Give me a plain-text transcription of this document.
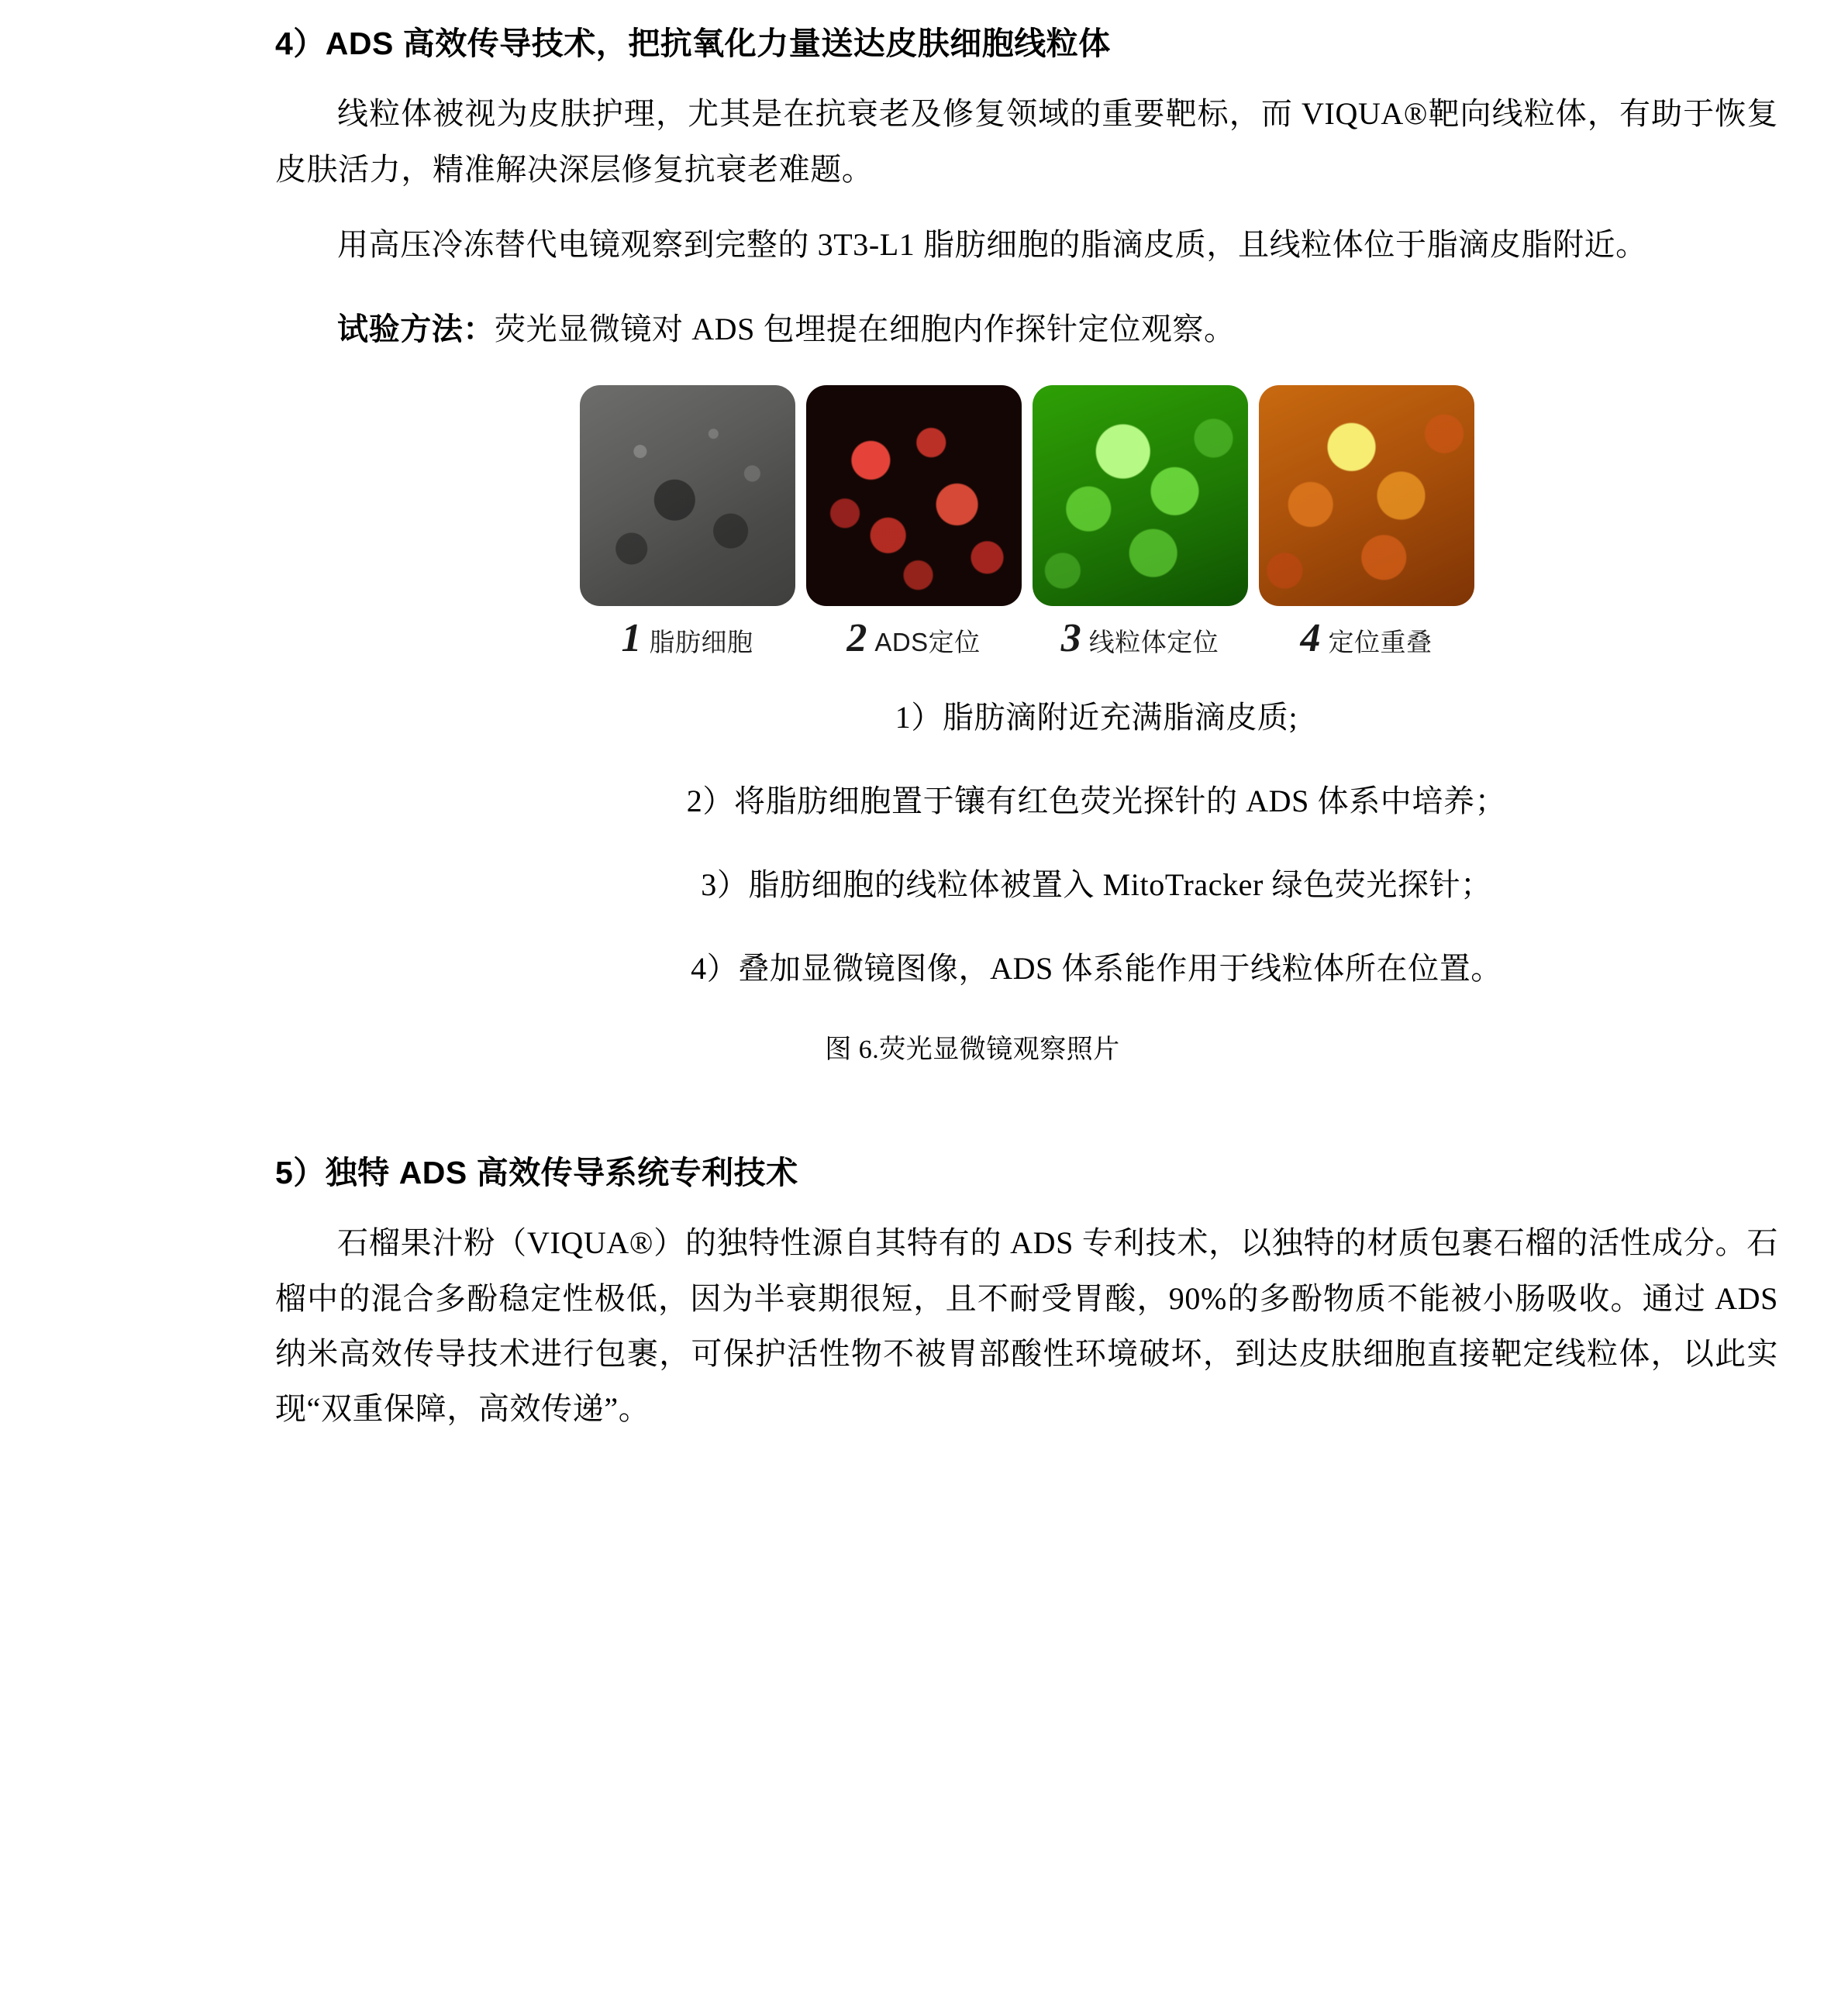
4）ADS 高效传导技术，把抗氧化力量送达皮肤细胞线粒体

线粒体被视为皮肤护理，尤其是在抗衰老及修复领域的重要靶标，而 VIQUA®靶向线粒体，有助于恢复皮肤活力，精准解决深层修复抗衰老难题。

用高压冷冻替代电镜观察到完整的 3T3-L1 脂肪细胞的脂滴皮质，且线粒体位于脂滴皮脂附近。

试验方法：荧光显微镜对 ADS 包埋提在细胞内作探针定位观察。

1 脂肪细胞 2 ADS定位 3 线粒体定位 4 定位重叠
1）脂肪滴附近充满脂滴皮质;
2）将脂肪细胞置于镶有红色荧光探针的 ADS 体系中培养；
3）脂肪细胞的线粒体被置入 MitoTracker 绿色荧光探针；
4）叠加显微镜图像，ADS 体系能作用于线粒体所在位置。

图 6.荧光显微镜观察照片

5）独特 ADS 高效传导系统专利技术

石榴果汁粉（VIQUA®）的独特性源自其特有的 ADS 专利技术，以独特的材质包裹石榴的活性成分。石榴中的混合多酚稳定性极低，因为半衰期很短，且不耐受胃酸，90%的多酚物质不能被小肠吸收。通过 ADS 纳米高效传导技术进行包裹，可保护活性物不被胃部酸性环境破坏，到达皮肤细胞直接靶定线粒体，以此实现“双重保障，高效传递”。
